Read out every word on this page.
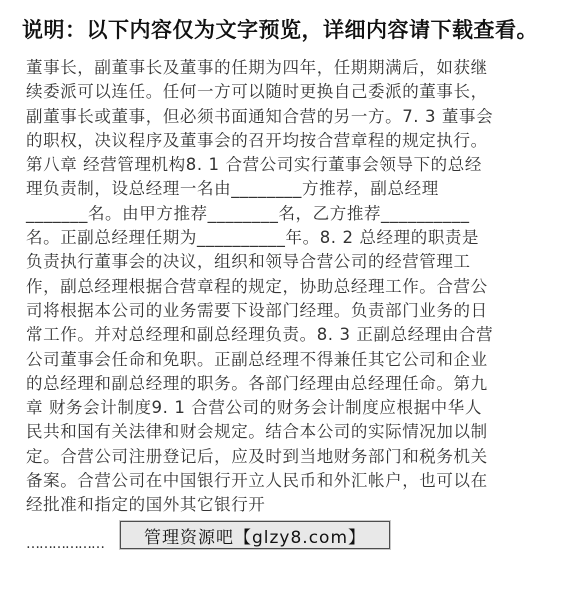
说明：以下内容仅为文字预览，详细内容请下载查看。
董事长，副董事长及董事的任期为四年，任期期满后，如获继
续委派可以连任。任何一方可以随时更换自己委派的董事长，
副董事长或董事，但必须书面通知合营的另一方。7. 3 董事会
的职权，决议程序及董事会的召开均按合营章程的规定执行。
第八章 经营管理机构8. 1 合营公司实行董事会领导下的总经
理负责制，设总经理一名由________方推荐，副总经理
_______名。由甲方推荐________名，乙方推荐__________
名。正副总经理任期为__________年。8. 2 总经理的职责是
负责执行董事会的决议，组织和领导合营公司的经营管理工
作，副总经理根据合营章程的规定，协助总经理工作。合营公
司将根据本公司的业务需要下设部门经理。负责部门业务的日
常工作。并对总经理和副总经理负责。8. 3 正副总经理由合营
公司董事会任命和免职。正副总经理不得兼任其它公司和企业
的总经理和副总经理的职务。各部门经理由总经理任命。第九
章 财务会计制度9. 1 合营公司的财务会计制度应根据中华人
民共和国有关法律和财会规定。结合本公司的实际情况加以制
定。合营公司注册登记后，应及时到当地财务部门和税务机关
备案。合营公司在中国银行开立人民币和外汇帐户，也可以在
经批准和指定的国外其它银行开
………………	管理资源吧【glzy8.com】
